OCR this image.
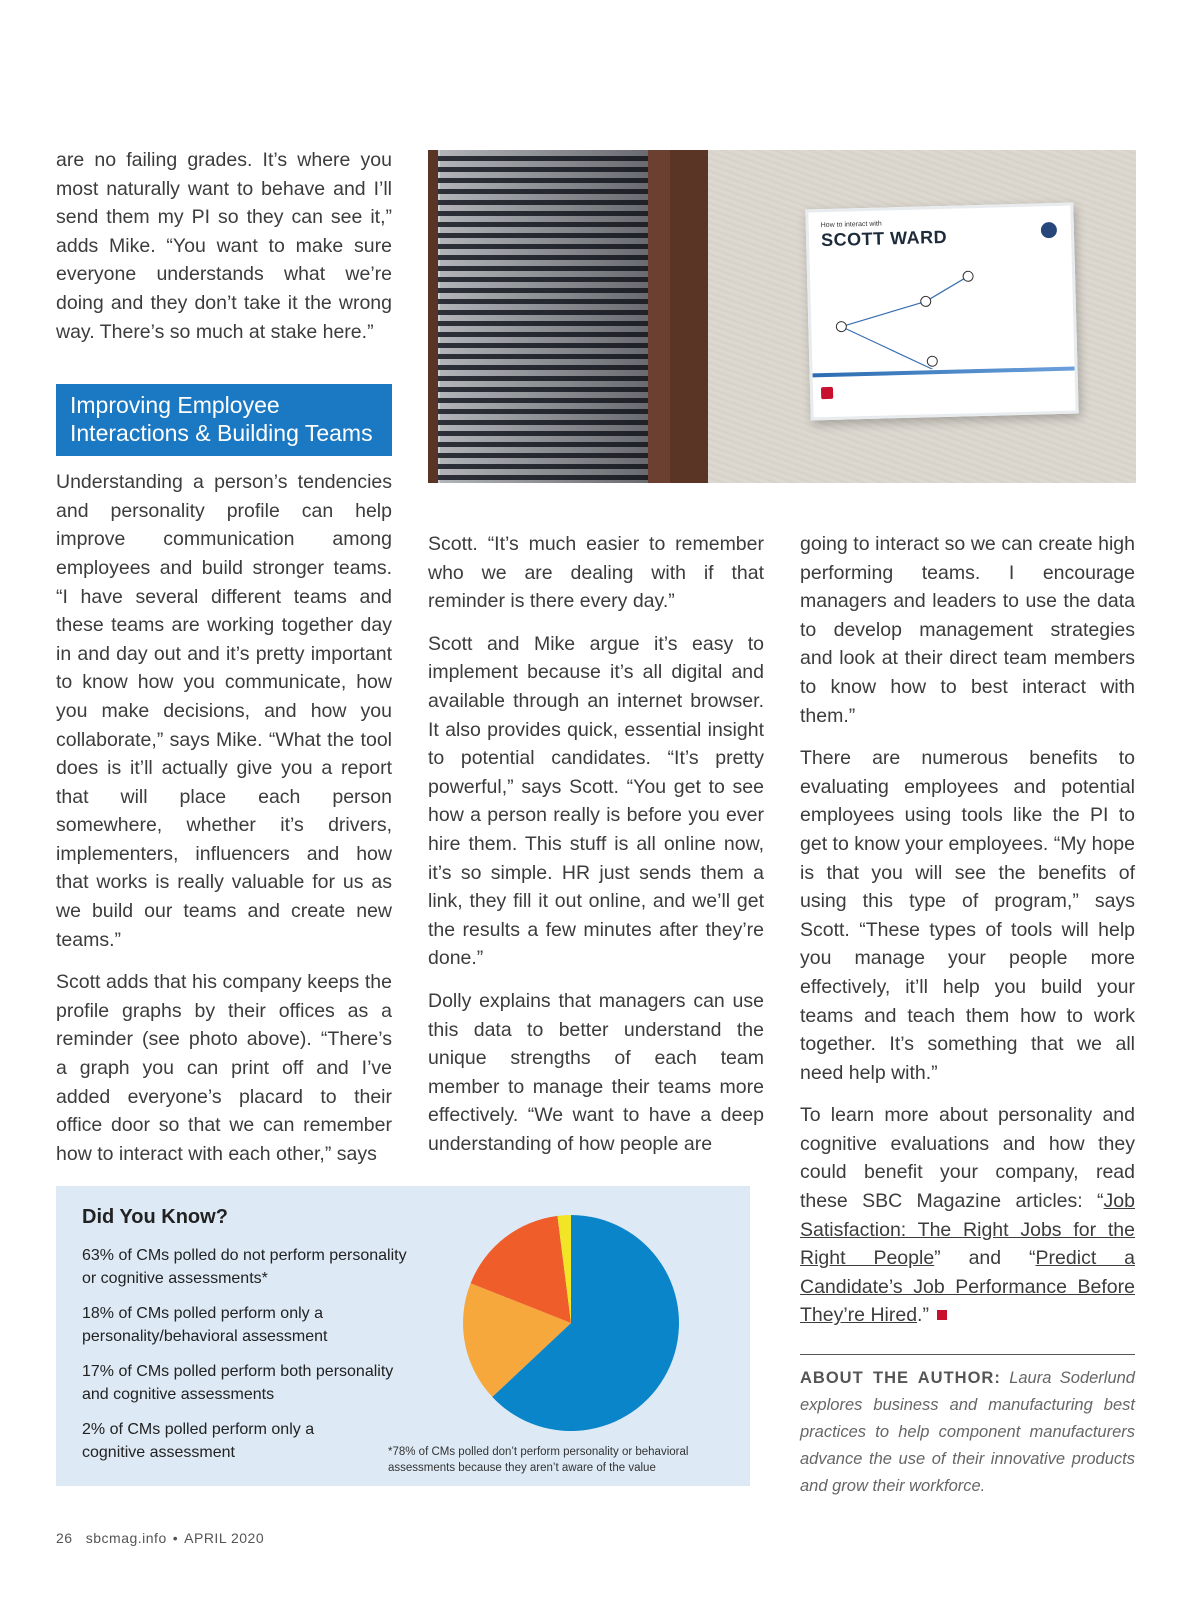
are no failing grades. It’s where you most naturally want to behave and I’ll send them my PI so they can see it,” adds Mike. “You want to make sure everyone understands what we’re doing and they don’t take it the wrong way. There’s so much at stake here.”

Improving Employee
Interactions & Building Teams

Understanding a person’s tendencies and personality profile can help improve communication among employees and build stronger teams. “I have several different teams and these teams are working together day in and day out and it’s pretty important to know how you communicate, how you make decisions, and how you collaborate,” says Mike. “What the tool does is it’ll actually give you a report that will place each person somewhere, whether it’s drivers, implementers, influencers and how that works is really valuable for us as we build our teams and create new teams.”

Scott adds that his company keeps the profile graphs by their offices as a reminder (see photo above). “There’s a graph you can print off and I’ve added everyone’s placard to their office door so that we can remember how to interact with each other,” says

How to interact with
SCOTT WARD

Scott. “It’s much easier to remember who we are dealing with if that reminder is there every day.”

Scott and Mike argue it’s easy to implement because it’s all digital and available through an internet browser. It also provides quick, essential insight to potential candidates. “It’s pretty powerful,” says Scott. “You get to see how a person really is before you ever hire them. This stuff is all online now, it’s so simple. HR just sends them a link, they fill it out online, and we’ll get the results a few minutes after they’re done.”

Dolly explains that managers can use this data to better understand the unique strengths of each team member to manage their teams more effectively. “We want to have a deep understanding of how people are

going to interact so we can create high performing teams. I encourage managers and leaders to use the data to develop management strategies and look at their direct team members to know how to best interact with them.”

There are numerous benefits to evaluating employees and potential employees using tools like the PI to get to know your employees. “My hope is that you will see the benefits of using this type of program,” says Scott. “These types of tools will help you manage your people more effectively, it’ll help you build your teams and teach them how to work together. It’s something that we all need help with.”

To learn more about personality and cognitive evaluations and how they could benefit your company, read these SBC Magazine articles: “Job Satisfaction: The Right Jobs for the Right People” and “Predict a Candidate’s Job Performance Before They’re Hired.”

ABOUT THE AUTHOR: Laura Soderlund explores business and manufacturing best practices to help component manufacturers advance the use of their innovative products and grow their workforce.
Did You Know?
63% of CMs polled do not perform personality or cognitive assessments*
18% of CMs polled perform only a personality/behavioral assessment
17% of CMs polled perform both personality and cognitive assessments
2% of CMs polled perform only a cognitive assessment	*78% of CMs polled don’t perform personality or behavioral assessments because they aren’t aware of the value
26 sbcmag.info • APRIL 2020
